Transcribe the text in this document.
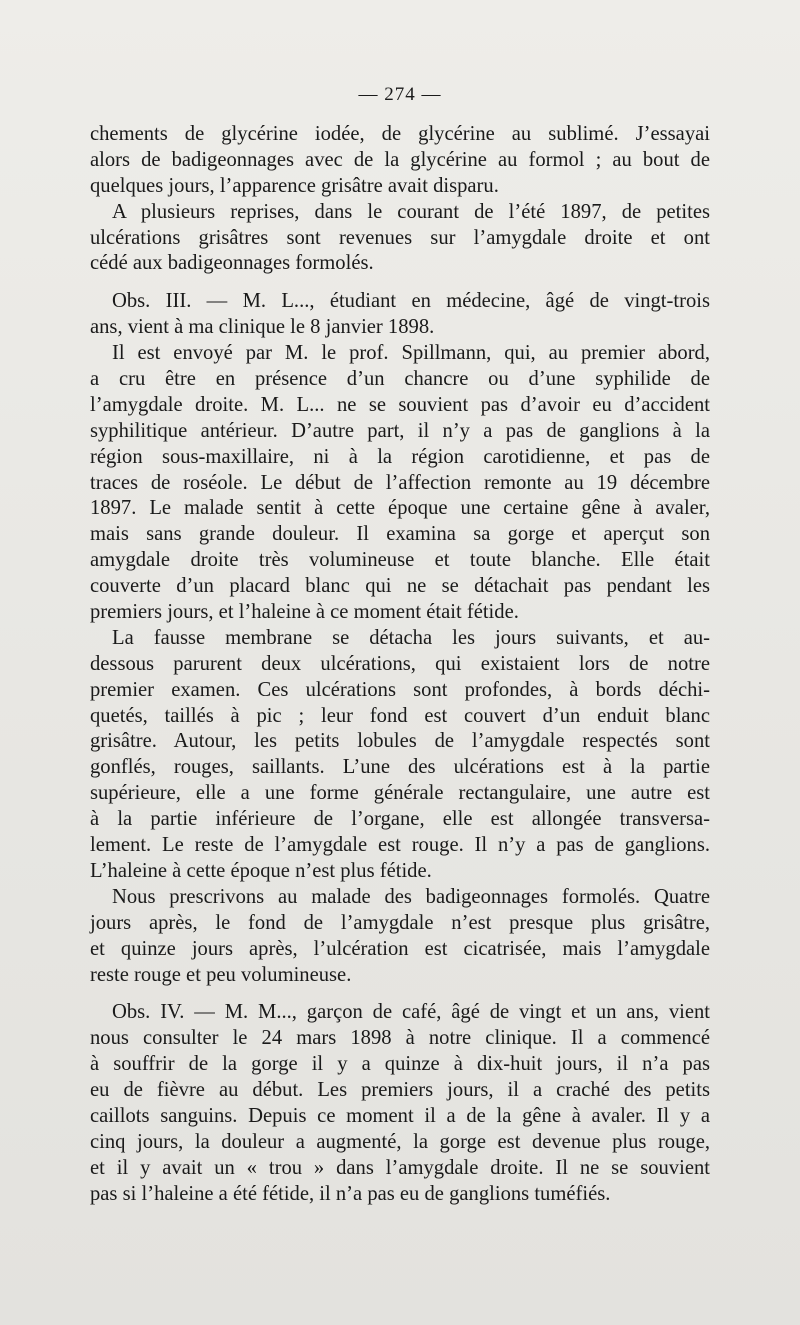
— 274 —
chements de glycérine iodée, de glycérine au sublimé. J’essayai
alors de badigeonnages avec de la glycérine au formol ; au bout de
quelques jours, l’apparence grisâtre avait disparu.
A plusieurs reprises, dans le courant de l’été 1897, de petites
ulcérations grisâtres sont revenues sur l’amygdale droite et ont
cédé aux badigeonnages formolés.
Obs. III. — M. L..., étudiant en médecine, âgé de vingt-trois
ans, vient à ma clinique le 8 janvier 1898.
Il est envoyé par M. le prof. Spillmann, qui, au premier abord,
a cru être en présence d’un chancre ou d’une syphilide de
l’amygdale droite. M. L... ne se souvient pas d’avoir eu d’accident
syphilitique antérieur. D’autre part, il n’y a pas de ganglions à la
région sous-maxillaire, ni à la région carotidienne, et pas de
traces de roséole. Le début de l’affection remonte au 19 décembre
1897. Le malade sentit à cette époque une certaine gêne à avaler,
mais sans grande douleur. Il examina sa gorge et aperçut son
amygdale droite très volumineuse et toute blanche. Elle était
couverte d’un placard blanc qui ne se détachait pas pendant les
premiers jours, et l’haleine à ce moment était fétide.
La fausse membrane se détacha les jours suivants, et au-
dessous parurent deux ulcérations, qui existaient lors de notre
premier examen. Ces ulcérations sont profondes, à bords déchi-
quetés, taillés à pic ; leur fond est couvert d’un enduit blanc
grisâtre. Autour, les petits lobules de l’amygdale respectés sont
gonflés, rouges, saillants. L’une des ulcérations est à la partie
supérieure, elle a une forme générale rectangulaire, une autre est
à la partie inférieure de l’organe, elle est allongée transversa-
lement. Le reste de l’amygdale est rouge. Il n’y a pas de ganglions.
L’haleine à cette époque n’est plus fétide.
Nous prescrivons au malade des badigeonnages formolés. Quatre
jours après, le fond de l’amygdale n’est presque plus grisâtre,
et quinze jours après, l’ulcération est cicatrisée, mais l’amygdale
reste rouge et peu volumineuse.
Obs. IV. — M. M..., garçon de café, âgé de vingt et un ans, vient
nous consulter le 24 mars 1898 à notre clinique. Il a commencé
à souffrir de la gorge il y a quinze à dix-huit jours, il n’a pas
eu de fièvre au début. Les premiers jours, il a craché des petits
caillots sanguins. Depuis ce moment il a de la gêne à avaler. Il y a
cinq jours, la douleur a augmenté, la gorge est devenue plus rouge,
et il y avait un « trou » dans l’amygdale droite. Il ne se souvient
pas si l’haleine a été fétide, il n’a pas eu de ganglions tuméfiés.
